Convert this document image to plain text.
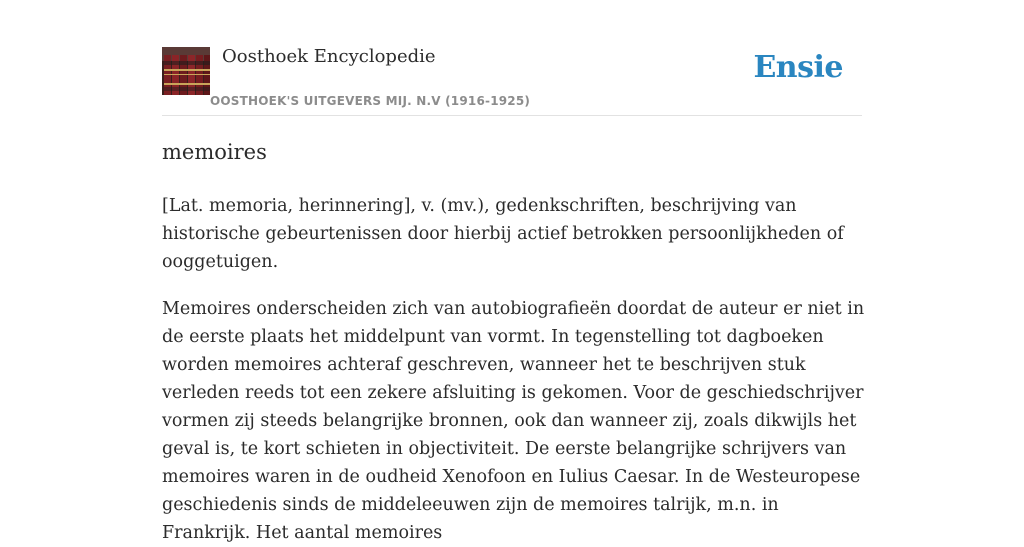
Oosthoek Encyclopedie
OOSTHOEK'S UITGEVERS MIJ. N.V (1916-1925)
Ensie
memoires

[Lat. memoria, herinnering], v. (mv.), gedenkschriften, beschrijving van historische gebeurtenissen door hierbij actief betrokken persoonlijkheden of ooggetuigen.

Memoires onderscheiden zich van autobiografieën doordat de auteur er niet in de eerste plaats het middelpunt van vormt. In tegenstelling tot dagboeken worden memoires achteraf geschreven, wanneer het te beschrijven stuk verleden reeds tot een zekere afsluiting is gekomen. Voor de geschiedschrijver vormen zij steeds belangrijke bronnen, ook dan wanneer zij, zoals dikwijls het geval is, te kort schieten in objectiviteit. De eerste belangrijke schrijvers van memoires waren in de oudheid Xenofoon en Iulius Caesar. In de Westeuropese geschiedenis sinds de middeleeuwen zijn de memoires talrijk, m.n. in Frankrijk. Het aantal memoires
